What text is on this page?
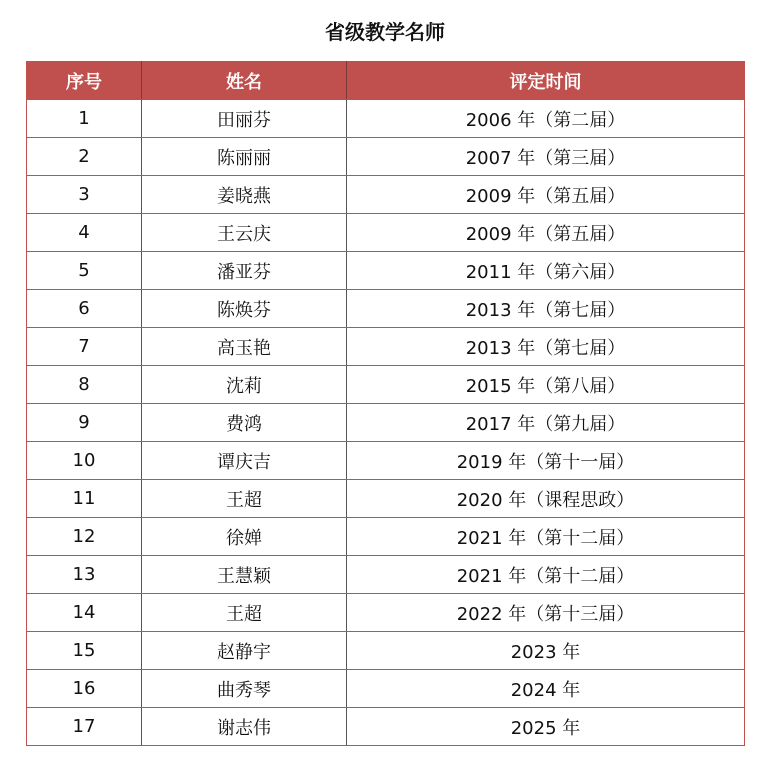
省级教学名师
序号	姓名	评定时间
1	田丽芬	2006 年（第二届）
2	陈丽丽	2007 年（第三届）
3	姜晓燕	2009 年（第五届）
4	王云庆	2009 年（第五届）
5	潘亚芬	2011 年（第六届）
6	陈焕芬	2013 年（第七届）
7	高玉艳	2013 年（第七届）
8	沈莉	2015 年（第八届）
9	费鸿	2017 年（第九届）
10	谭庆吉	2019 年（第十一届）
11	王超	2020 年（课程思政）
12	徐婵	2021 年（第十二届）
13	王慧颖	2021 年（第十二届）
14	王超	2022 年（第十三届）
15	赵静宇	2023 年
16	曲秀琴	2024 年
17	谢志伟	2025 年
